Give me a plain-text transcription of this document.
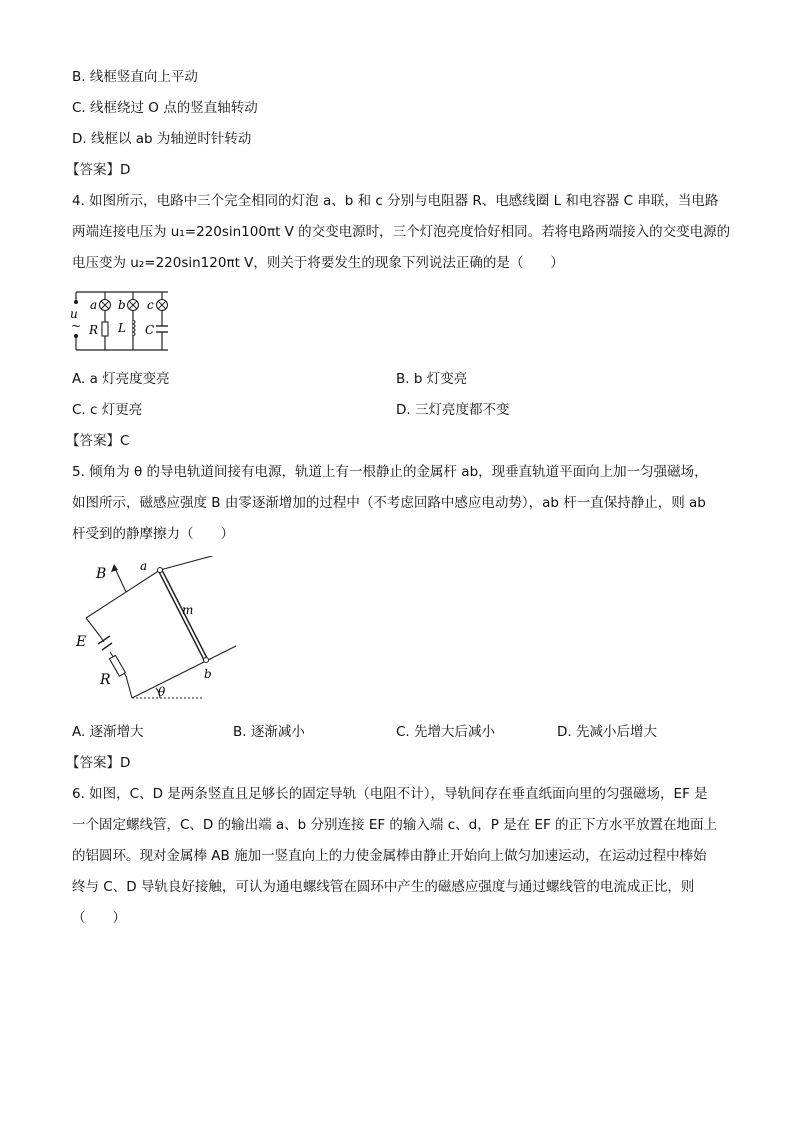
B. 线框竖直向上平动
C. 线框绕过 O 点的竖直轴转动
D. 线框以 ab 为轴逆时针转动
【答案】D
4. 如图所示，电路中三个完全相同的灯泡 a、b 和 c 分别与电阻器 R、电感线圈 L 和电容器 C 串联，当电路
两端连接电压为 u₁=220sin100πt V 的交变电源时，三个灯泡亮度恰好相同。若将电路两端接入的交变电源的
电压变为 u₂=220sin120πt V，则关于将要发生的现象下列说法正确的是（　　）
u
~
a b c
R L C
A. a 灯亮度变亮	B. b 灯变亮
C. c 灯更亮	D. 三灯亮度都不变
【答案】C
5. 倾角为 θ 的导电轨道间接有电源，轨道上有一根静止的金属杆 ab，现垂直轨道平面向上加一匀强磁场，
如图所示，磁感应强度 B 由零逐渐增加的过程中（不考虑回路中感应电动势），ab 杆一直保持静止，则 ab
杆受到的静摩擦力（　　）
B	a
m
E
R	b
θ
A. 逐渐增大	B. 逐渐减小	C. 先增大后减小	D. 先减小后增大
【答案】D
6. 如图，C、D 是两条竖直且足够长的固定导轨（电阻不计），导轨间存在垂直纸面向里的匀强磁场，EF 是
一个固定螺线管，C、D 的输出端 a、b 分别连接 EF 的输入端 c、d，P 是在 EF 的正下方水平放置在地面上
的铝圆环。现对金属棒 AB 施加一竖直向上的力使金属棒由静止开始向上做匀加速运动，在运动过程中棒始
终与 C、D 导轨良好接触，可认为通电螺线管在圆环中产生的磁感应强度与通过螺线管的电流成正比，则
（　　）
